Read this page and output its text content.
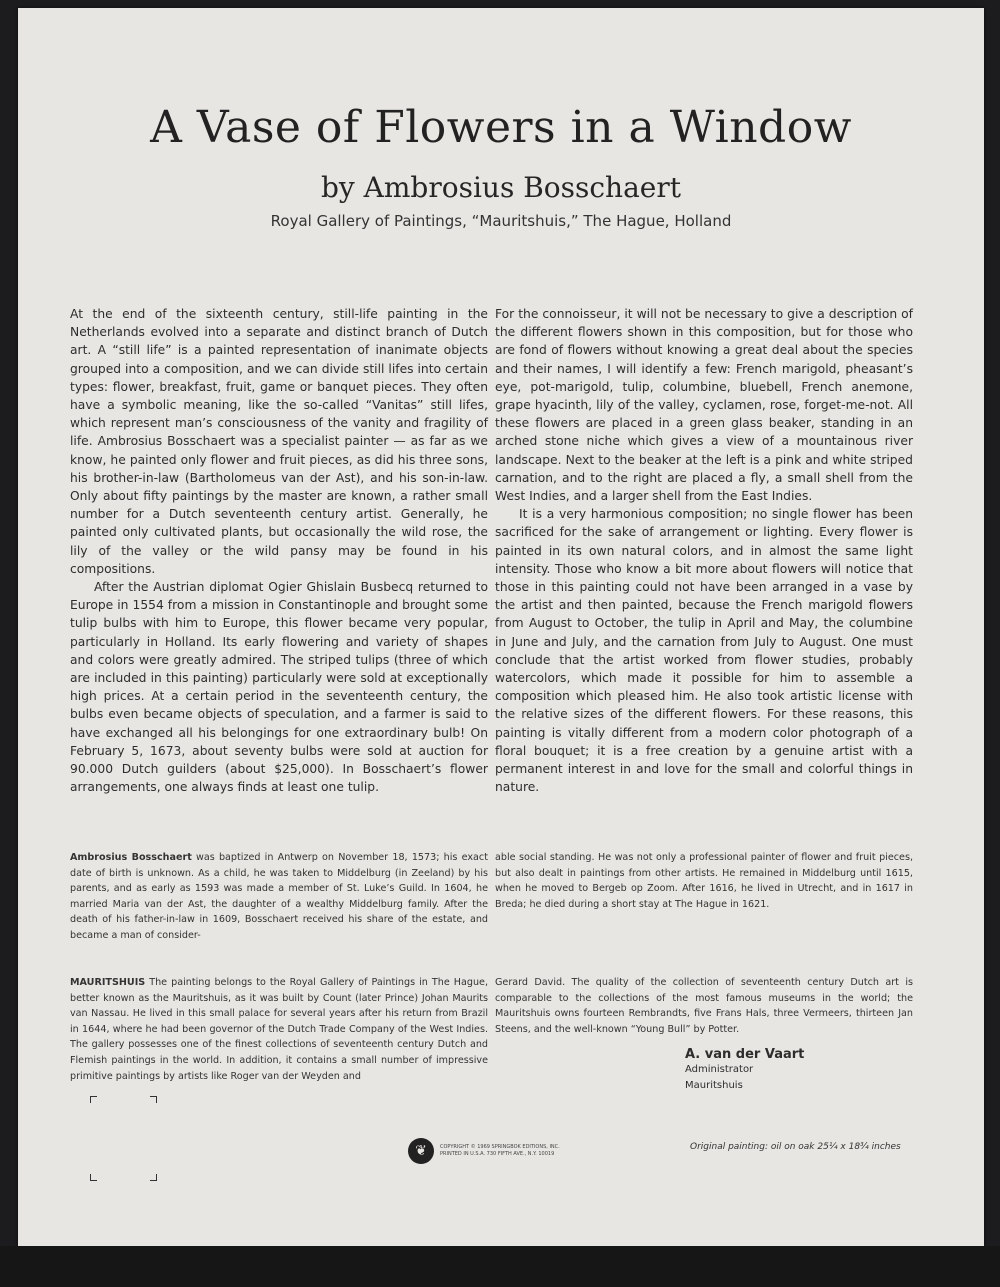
A Vase of Flowers in a Window
by Ambrosius Bosschaert
Royal Gallery of Paintings, “Mauritshuis,” The Hague, Holland

At the end of the sixteenth century, still-life painting in the Netherlands evolved into a separate and distinct branch of Dutch art. A “still life” is a painted representation of inanimate objects grouped into a composition, and we can divide still lifes into certain types: flower, breakfast, fruit, game or banquet pieces. They often have a symbolic meaning, like the so-called “Vanitas” still lifes, which represent man’s consciousness of the vanity and fragility of life. Ambrosius Bosschaert was a specialist painter — as far as we know, he painted only flower and fruit pieces, as did his three sons, his brother-in-law (Bartholomeus van der Ast), and his son-in-law. Only about fifty paintings by the master are known, a rather small number for a Dutch seventeenth century artist. Generally, he painted only cultivated plants, but occasionally the wild rose, the lily of the valley or the wild pansy may be found in his compositions.

After the Austrian diplomat Ogier Ghislain Busbecq returned to Europe in 1554 from a mission in Constantinople and brought some tulip bulbs with him to Europe, this flower became very popular, particularly in Holland. Its early flowering and variety of shapes and colors were greatly admired. The striped tulips (three of which are included in this painting) particularly were sold at exceptionally high prices. At a certain period in the seventeenth century, the bulbs even became objects of speculation, and a farmer is said to have exchanged all his belongings for one extraordinary bulb! On February 5, 1673, about seventy bulbs were sold at auction for 90.000 Dutch guilders (about $25,000). In Bosschaert’s flower arrangements, one always finds at least one tulip.

For the connoisseur, it will not be necessary to give a description of the different flowers shown in this composition, but for those who are fond of flowers without knowing a great deal about the species and their names, I will identify a few: French marigold, pheasant’s eye, pot-marigold, tulip, columbine, bluebell, French anemone, grape hyacinth, lily of the valley, cyclamen, rose, forget-me-not. All these flowers are placed in a green glass beaker, standing in an arched stone niche which gives a view of a mountainous river landscape. Next to the beaker at the left is a pink and white striped carnation, and to the right are placed a fly, a small shell from the West Indies, and a larger shell from the East Indies.

It is a very harmonious composition; no single flower has been sacrificed for the sake of arrangement or lighting. Every flower is painted in its own natural colors, and in almost the same light intensity. Those who know a bit more about flowers will notice that those in this painting could not have been arranged in a vase by the artist and then painted, because the French marigold flowers from August to October, the tulip in April and May, the columbine in June and July, and the carnation from July to August. One must conclude that the artist worked from flower studies, probably watercolors, which made it possible for him to assemble a composition which pleased him. He also took artistic license with the relative sizes of the different flowers. For these reasons, this painting is vitally different from a modern color photograph of a floral bouquet; it is a free creation by a genuine artist with a permanent interest in and love for the small and colorful things in nature.

Ambrosius Bosschaert was baptized in Antwerp on November 18, 1573; his exact date of birth is unknown. As a child, he was taken to Middelburg (in Zeeland) by his parents, and as early as 1593 was made a member of St. Luke’s Guild. In 1604, he married Maria van der Ast, the daughter of a wealthy Middelburg family. After the death of his father-in-law in 1609, Bosschaert received his share of the estate, and became a man of consider-

able social standing. He was not only a professional painter of flower and fruit pieces, but also dealt in paintings from other artists. He remained in Middelburg until 1615, when he moved to Bergeb op Zoom. After 1616, he lived in Utrecht, and in 1617 in Breda; he died during a short stay at The Hague in 1621.

MAURITSHUIS The painting belongs to the Royal Gallery of Paintings in The Hague, better known as the Mauritshuis, as it was built by Count (later Prince) Johan Maurits van Nassau. He lived in this small palace for several years after his return from Brazil in 1644, where he had been governor of the Dutch Trade Company of the West Indies. The gallery possesses one of the finest collections of seventeenth century Dutch and Flemish paintings in the world. In addition, it contains a small number of impressive primitive paintings by artists like Roger van der Weyden and

Gerard David. The quality of the collection of seventeenth century Dutch art is comparable to the collections of the most famous museums in the world; the Mauritshuis owns fourteen Rembrandts, five Frans Hals, three Vermeers, thirteen Jan Steens, and the well-known “Young Bull” by Potter.

A. van der Vaart
Administrator
Mauritshuis
❦	COPYRIGHT © 1969 SPRINGBOK EDITIONS, INC.
PRINTED IN U.S.A. 730 FIFTH AVE., N.Y. 10019
Original painting: oil on oak 25¼ x 18¾ inches
